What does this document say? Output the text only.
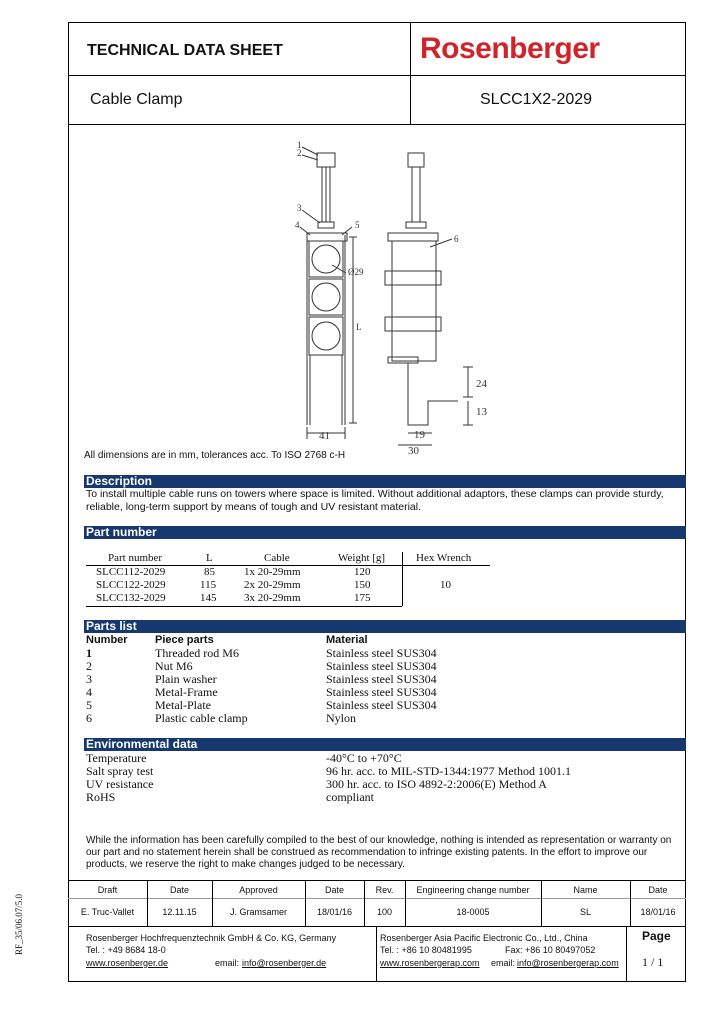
TECHNICAL DATA SHEET	Rosenberger
Cable Clamp	SLCC1X2-2029
1
2
3
4	5
6
Ø29
L
41	19
30
24
13
All dimensions are in mm, tolerances acc. To ISO 2768 c-H
Description
To install multiple cable runs on towers where space is limited. Without additional adaptors, these clamps can provide sturdy, reliable, long-term support by means of tough and UV resistant material.
Part number
Part number	L	Cable	Weight [g]	Hex Wrench
SLCC112-2029	85	1x 20-29mm	120
SLCC122-2029	115	2x 20-29mm	150
SLCC132-2029	145	3x 20-29mm	175
10
Parts list
Number Piece parts	Material
1	Threaded rod M6	Stainless steel SUS304
2	Nut M6	Stainless steel SUS304
3	Plain washer	Stainless steel SUS304
4	Metal-Frame	Stainless steel SUS304
5	Metal-Plate	Stainless steel SUS304
6	Plastic cable clamp	Nylon
Environmental data
Temperature	-40°C to +70°C
Salt spray test	96 hr. acc. to MIL-STD-1344:1977 Method 1001.1
UV resistance	300 hr. acc. to ISO 4892-2:2006(E) Method A
RoHS	compliant
While the information has been carefully compiled to the best of our knowledge, nothing is intended as representation or warranty on our part and no statement herein shall be construed as recommendation to infringe existing patents. In the effort to improve our products, we reserve the right to make changes judged to be necessary.
Draft	Date	Approved	Date	Rev.	Engineering change number	Name	Date
E. Truc-Vallet	12.11.15	J. Gramsamer	18/01/16	100	18-0005	SL	18/01/16
Rosenberger Hochfrequenztechnik GmbH & Co. KG, Germany
Tel. : +49 8684 18-0
www.rosenberger.de	email: info@rosenberger.de
Rosenberger Asia Pacific Electronic Co., Ltd., China
Tel. : +86 10 80481995	Fax: +86 10 80497052
www.rosenbergerap.com email: info@rosenbergerap.com
Page
1 / 1
RF_35/06.07/5.0
